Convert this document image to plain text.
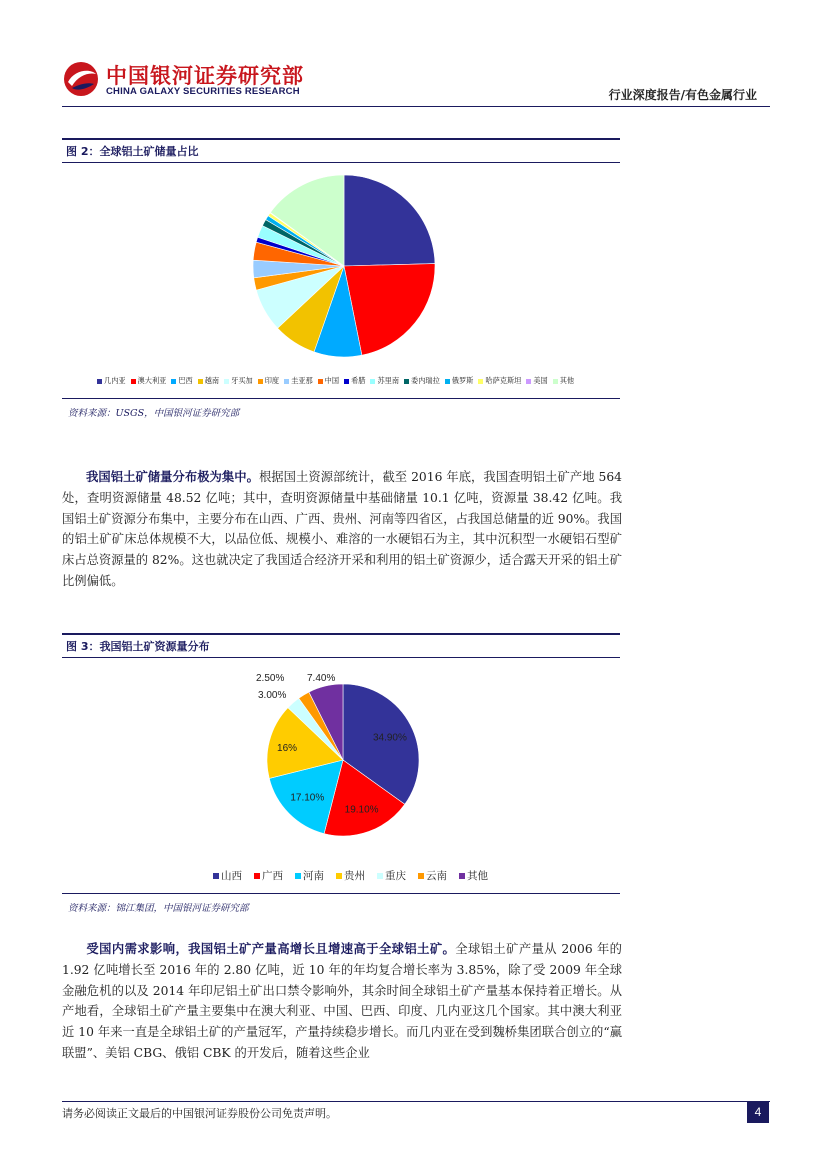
中国银河证券研究部
CHINA GALAXY SECURITIES RESEARCH	行业深度报告/有色金属行业
图 2：全球铝土矿储量占比
几内亚 澳大利亚 巴西 越南 牙买加 印度 圭亚那 中国 希腊 苏里南 委内瑞拉 俄罗斯 哈萨克斯坦 美国 其他
资料来源：USGS，中国银河证券研究部
我国铝土矿储量分布极为集中。根据国土资源部统计，截至 2016 年底，我国查明铝土矿产地 564 处，查明资源储量 48.52 亿吨；其中，查明资源储量中基础储量 10.1 亿吨，资源量 38.42 亿吨。我国铝土矿资源分布集中，主要分布在山西、广西、贵州、河南等四省区，占我国总储量的近 90%。我国的铝土矿矿床总体规模不大，以品位低、规模小、难溶的一水硬铝石为主，其中沉积型一水硬铝石型矿床占总资源量的 82%。这也就决定了我国适合经济开采和利用的铝土矿资源少，适合露天开采的铝土矿比例偏低。
图 3：我国铝土矿资源量分布
34.90%
19.10%
17.10%
16%
3.00%
2.50% 7.40%
山西 广西 河南 贵州 重庆 云南 其他
资料来源：锦江集团，中国银河证券研究部
受国内需求影响，我国铝土矿产量高增长且增速高于全球铝土矿。全球铝土矿产量从 2006 年的 1.92 亿吨增长至 2016 年的 2.80 亿吨，近 10 年的年均复合增长率为 3.85%，除了受 2009 年全球金融危机的以及 2014 年印尼铝土矿出口禁令影响外，其余时间全球铝土矿产量基本保持着正增长。从产地看，全球铝土矿产量主要集中在澳大利亚、中国、巴西、印度、几内亚这几个国家。其中澳大利亚近 10 年来一直是全球铝土矿的产量冠军，产量持续稳步增长。而几内亚在受到魏桥集团联合创立的“赢联盟”、美铝 CBG、俄铝 CBK 的开发后，随着这些企业
请务必阅读正文最后的中国银河证券股份公司免责声明。	4
